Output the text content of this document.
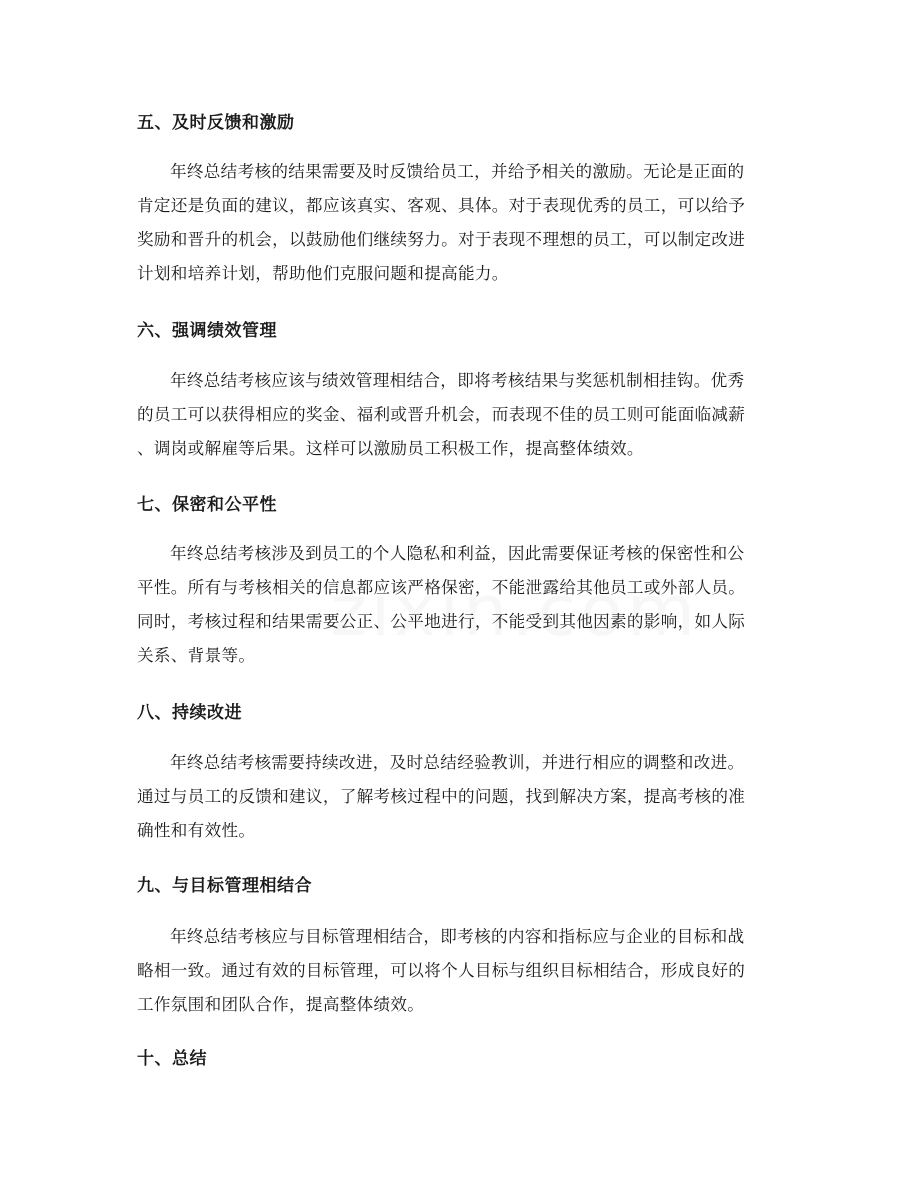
五、及时反馈和激励
年终总结考核的结果需要及时反馈给员工，并给予相关的激励。无论是正面的
肯定还是负面的建议，都应该真实、客观、具体。对于表现优秀的员工，可以给予
奖励和晋升的机会，以鼓励他们继续努力。对于表现不理想的员工，可以制定改进
计划和培养计划，帮助他们克服问题和提高能力。
六、强调绩效管理
年终总结考核应该与绩效管理相结合，即将考核结果与奖惩机制相挂钩。优秀
的员工可以获得相应的奖金、福利或晋升机会，而表现不佳的员工则可能面临减薪
、调岗或解雇等后果。这样可以激励员工积极工作，提高整体绩效。
七、保密和公平性
年终总结考核涉及到员工的个人隐私和利益，因此需要保证考核的保密性和公
平性。所有与考核相关的信息都应该严格保密，不能泄露给其他员工或外部人员。
同时，考核过程和结果需要公正、公平地进行，不能受到其他因素的影响，如人际
关系、背景等。
八、持续改进
年终总结考核需要持续改进，及时总结经验教训，并进行相应的调整和改进。
通过与员工的反馈和建议，了解考核过程中的问题，找到解决方案，提高考核的准
确性和有效性。
九、与目标管理相结合
年终总结考核应与目标管理相结合，即考核的内容和指标应与企业的目标和战
略相一致。通过有效的目标管理，可以将个人目标与组织目标相结合，形成良好的
工作氛围和团队合作，提高整体绩效。
十、总结
